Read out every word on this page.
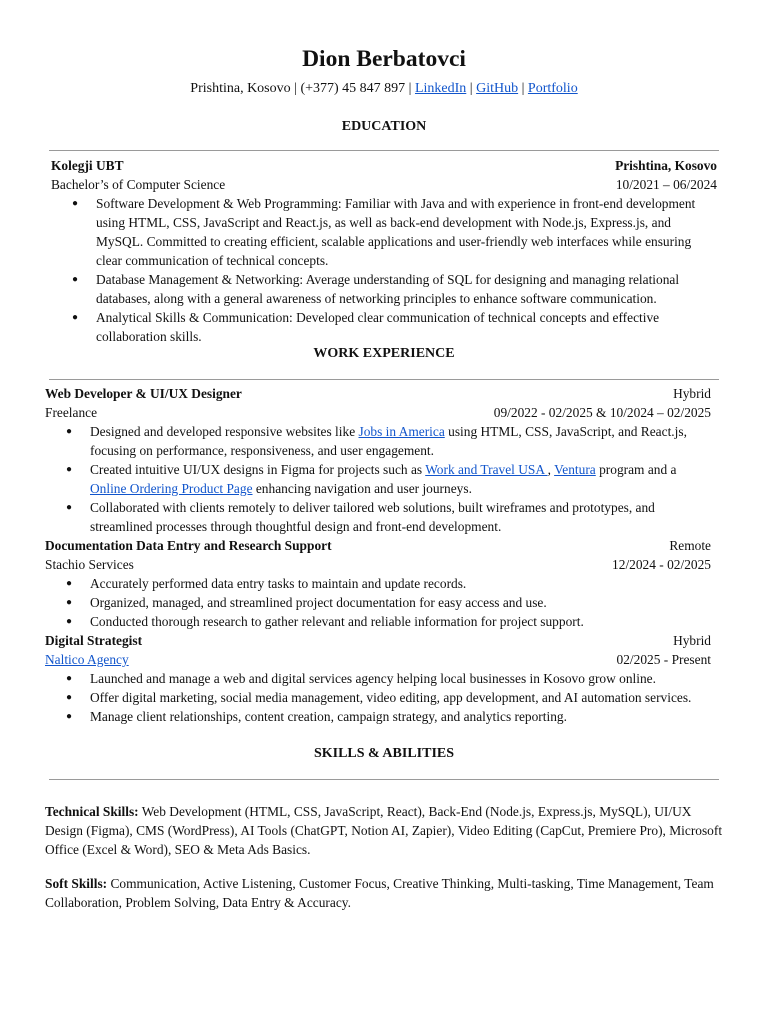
Dion Berbatovci
Prishtina, Kosovo | (+377) 45 847 897 | LinkedIn | GitHub | Portfolio
EDUCATION
Kolegji UBT	Prishtina, Kosovo
Bachelor’s of Computer Science	10/2021 – 06/2024
● Software Development & Web Programming: Familiar with Java and with experience in front-end development using HTML, CSS, JavaScript and React.js, as well as back-end development with Node.js, Express.js, and MySQL. Committed to creating efficient, scalable applications and user-friendly web interfaces while ensuring clear communication of technical concepts.
● Database Management & Networking: Average understanding of SQL for designing and managing relational databases, along with a general awareness of networking principles to enhance software communication.
● Analytical Skills & Communication: Developed clear communication of technical concepts and effective collaboration skills.
WORK EXPERIENCE
Web Developer & UI/UX Designer	Hybrid
Freelance	09/2022 - 02/2025 & 10/2024 – 02/2025
● Designed and developed responsive websites like Jobs in America using HTML, CSS, JavaScript, and React.js, focusing on performance, responsiveness, and user engagement.
● Created intuitive UI/UX designs in Figma for projects such as Work and Travel USA , Ventura program and a Online Ordering Product Page enhancing navigation and user journeys.
● Collaborated with clients remotely to deliver tailored web solutions, built wireframes and prototypes, and streamlined processes through thoughtful design and front-end development.
Documentation Data Entry and Research Support	Remote
Stachio Services	12/2024 - 02/2025
● Accurately performed data entry tasks to maintain and update records.
● Organized, managed, and streamlined project documentation for easy access and use.
● Conducted thorough research to gather relevant and reliable information for project support.
Digital Strategist	Hybrid
Naltico Agency	02/2025 - Present
● Launched and manage a web and digital services agency helping local businesses in Kosovo grow online.
● Offer digital marketing, social media management, video editing, app development, and AI automation services.
● Manage client relationships, content creation, campaign strategy, and analytics reporting.
SKILLS & ABILITIES
Technical Skills: Web Development (HTML, CSS, JavaScript, React), Back-End (Node.js, Express.js, MySQL), UI/UX Design (Figma), CMS (WordPress), AI Tools (ChatGPT, Notion AI, Zapier), Video Editing (CapCut, Premiere Pro), Microsoft Office (Excel & Word), SEO & Meta Ads Basics.
Soft Skills: Communication, Active Listening, Customer Focus, Creative Thinking, Multi-tasking, Time Management, Team Collaboration, Problem Solving, Data Entry & Accuracy.
